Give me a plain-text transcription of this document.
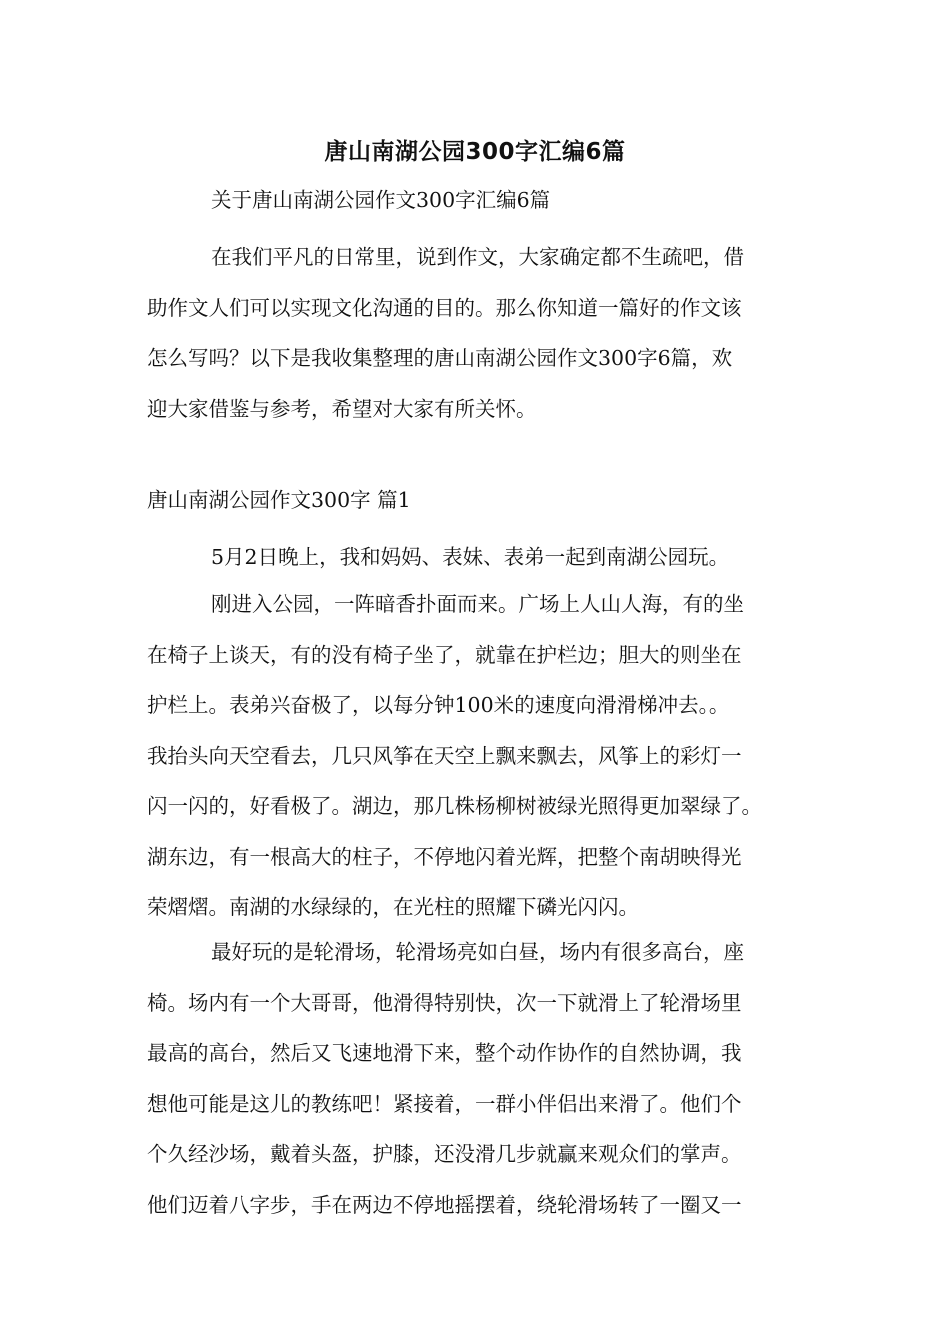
唐山南湖公园300字汇编6篇
关于唐山南湖公园作文300字汇编6篇
在我们平凡的日常里，说到作文，大家确定都不生疏吧，借
助作文人们可以实现文化沟通的目的。那么你知道一篇好的作文该
怎么写吗？以下是我收集整理的唐山南湖公园作文300字6篇，欢
迎大家借鉴与参考，希望对大家有所关怀。
唐山南湖公园作文300字 篇1
5月2日晚上，我和妈妈、表妹、表弟一起到南湖公园玩。
刚进入公园，一阵暗香扑面而来。广场上人山人海，有的坐
在椅子上谈天，有的没有椅子坐了，就靠在护栏边；胆大的则坐在
护栏上。表弟兴奋极了，以每分钟100米的速度向滑滑梯冲去。。
我抬头向天空看去，几只风筝在天空上飘来飘去，风筝上的彩灯一
闪一闪的，好看极了。湖边，那几株杨柳树被绿光照得更加翠绿了。
湖东边，有一根高大的柱子，不停地闪着光辉，把整个南胡映得光
荣熠熠。南湖的水绿绿的，在光柱的照耀下磷光闪闪。
最好玩的是轮滑场，轮滑场亮如白昼，场内有很多高台，座
椅。场内有一个大哥哥，他滑得特别快，次一下就滑上了轮滑场里
最高的高台，然后又飞速地滑下来，整个动作协作的自然协调，我
想他可能是这儿的教练吧！紧接着，一群小伴侣出来滑了。他们个
个久经沙场，戴着头盔，护膝，还没滑几步就赢来观众们的掌声。
他们迈着八字步，手在两边不停地摇摆着，绕轮滑场转了一圈又一
